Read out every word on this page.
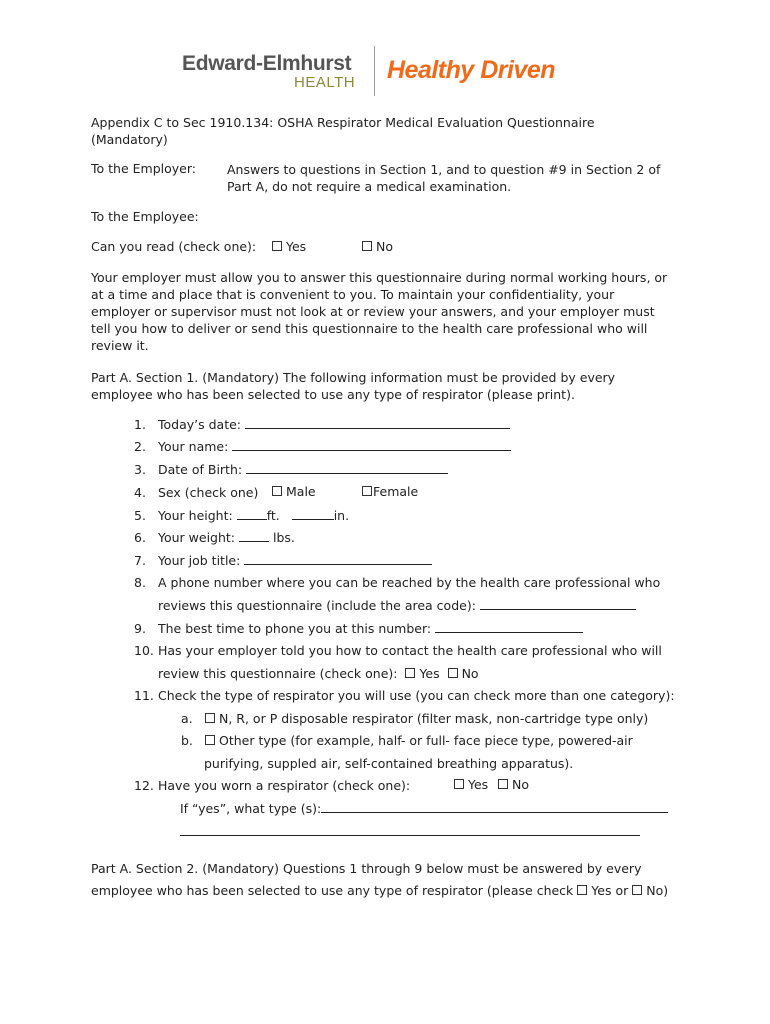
Edward-Elmhurst
HEALTH Healthy Driven

Appendix C to Sec 1910.134: OSHA Respirator Medical Evaluation Questionnaire
(Mandatory)

To the Employer: Answers to questions in Section 1, and to question #9 in Section 2 of
Part A, do not require a medical examination.

To the Employee:
Can you read (check one):	Yes	No

Your employer must allow you to answer this questionnaire during normal working hours, or
at a time and place that is convenient to you. To maintain your confidentiality, your
employer or supervisor must not look at or review your answers, and your employer must
tell you how to deliver or send this questionnaire to the health care professional who will
review it.

Part A. Section 1. (Mandatory) The following information must be provided by every
employee who has been selected to use any type of respirator (please print).

1. Today’s date:
2. Your name:
3. Date of Birth:
4. Sex (check one)	Male	Female
5. Your height:	ft.	in.
6. Your weight:	lbs.
7. Your job title:
8. A phone number where you can be reached by the health care professional who
reviews this questionnaire (include the area code):
9. The best time to phone you at this number:
10. Has your employer told you how to contact the health care professional who will
review this questionnaire (check one): Yes No
11. Check the type of respirator you will use (you can check more than one category):
a. N, R, or P disposable respirator (filter mask, non-cartridge type only)
b. Other type (for example, half- or full- face piece type, powered-air
purifying, suppled air, self-contained breathing apparatus).
12. Have you worn a respirator (check one):	Yes	No
If “yes”, what type (s):

Part A. Section 2. (Mandatory) Questions 1 through 9 below must be answered by every
employee who has been selected to use any type of respirator (please check Yes or No)
